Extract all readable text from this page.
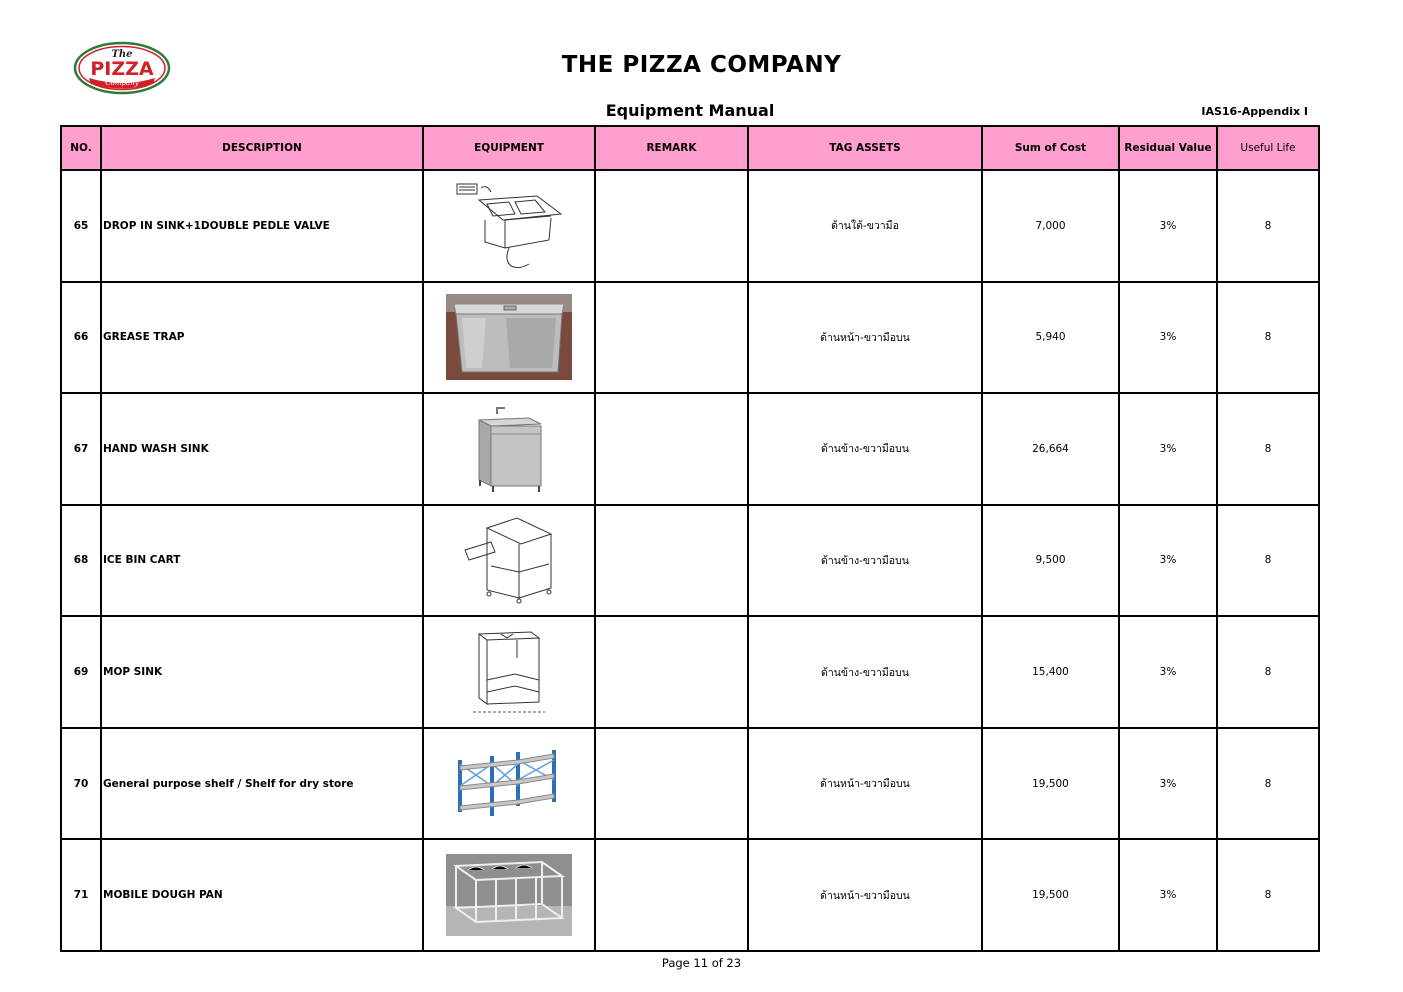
The
PIZZA
Company
THE PIZZA COMPANY
Equipment Manual	IAS16-Appendix I
NO.	DESCRIPTION	EQUIPMENT	REMARK	TAG ASSETS	Sum of Cost	Residual Value	Useful Life
65	DROP IN SINK+1DOUBLE PEDLE VALVE			ด้านใต้-ขวามือ	7,000	3%	8
66	GREASE TRAP			ด้านหน้า-ขวามือบน	5,940	3%	8
67	HAND WASH SINK			ด้านข้าง-ขวามือบน	26,664	3%	8
68	ICE BIN CART			ด้านข้าง-ขวามือบน	9,500	3%	8
69	MOP SINK			ด้านข้าง-ขวามือบน	15,400	3%	8
70	General purpose shelf / Shelf for dry store			ด้านหน้า-ขวามือบน	19,500	3%	8
71	MOBILE DOUGH PAN			ด้านหน้า-ขวามือบน	19,500	3%	8
Page 11 of 23
